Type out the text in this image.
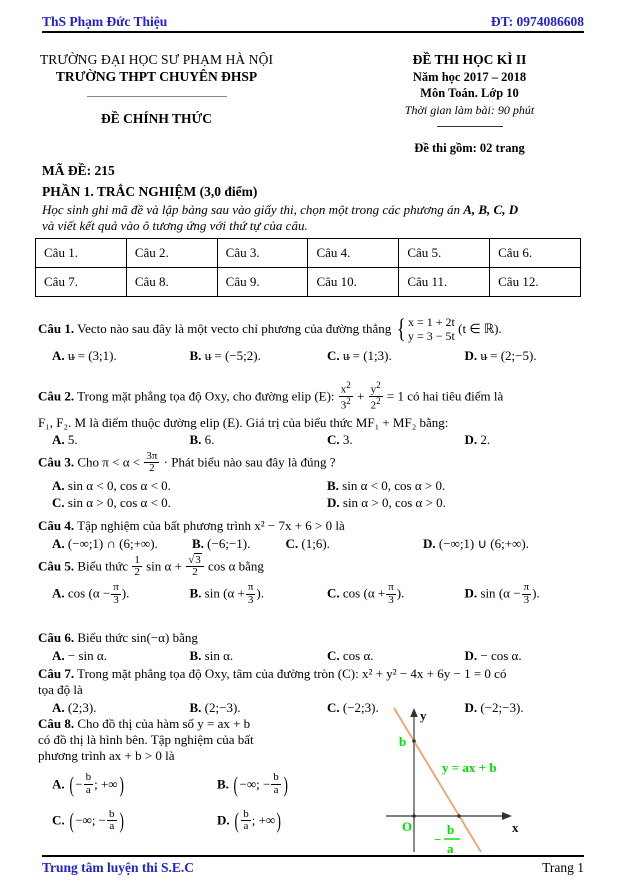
ThS Phạm Đức Thiệu	ĐT: 0974086608
TRƯỜNG ĐẠI HỌC SƯ PHẠM HÀ NỘI
TRƯỜNG THPT CHUYÊN ĐHSP
ĐỀ CHÍNH THỨC
ĐỀ THI HỌC KÌ II
Năm học 2017 – 2018
Môn Toán. Lớp 10
Thời gian làm bài: 90 phút
Đề thi gồm: 02 trang
MÃ ĐỀ: 215
PHẦN 1. TRẮC NGHIỆM (3,0 điểm)
Học sinh ghi mã đề và lập bảng sau vào giấy thi, chọn một trong các phương án A, B, C, D
và viết kết quả vào ô tương ứng với thứ tự của câu.
Câu 1.	Câu 2.	Câu 3.	Câu 4.	Câu 5.	Câu 6.
Câu 7.	Câu 8.	Câu 9.	Câu 10.	Câu 11.	Câu 12.
Câu 1. Vecto nào sau đây là một vecto chỉ phương của đường thẳng { x = 1 + 2t
y = 3 − 5t
(t ∈ ℝ).
A. u = (3;1).	B. u = (−5;2).	C. u = (1;3).	D. u = (2;−5).
Câu 2. Trong mặt phẳng tọa độ Oxy, cho đường elip (E): $\frac{x^2}{3^2} + \frac{y^2}{2^2} = 1$ có hai tiêu điểm là
F₁, F₂. M là điểm thuộc đường elip (E). Giá trị của biểu thức MF₁ + MF₂ bằng:
A. 5.	B. 6.	C. 3.	D. 2.
Câu 3. Cho $\pi < \alpha < \frac{3\pi}{2}$ · Phát biểu nào sau đây là đúng ?
A. sin α < 0, cos α < 0.	B. sin α < 0, cos α > 0.
C. sin α > 0, cos α < 0.	D. sin α > 0, cos α > 0.
Câu 4. Tập nghiệm của bất phương trình x² − 7x + 6 > 0 là
A. (−∞;1) ∩ (6;+∞).	B. (−6;−1).	C. (1;6).	D. (−∞;1) ∪ (6;+∞).
Câu 5. Biểu thức $\frac{1}{2}$ $\sin \alpha + \frac{√3}{2}$ cos α bằng
A. $\cos (\alpha - \frac{\pi}{3}$ ).	B. $\sin (\alpha + \frac{\pi}{3}$ ).	C. $\cos (\alpha + \frac{\pi}{3}$ ).	D. $\sin (\alpha - \frac{\pi}{3}$ ).
Câu 6. Biểu thức sin(−α) bằng
A. − sin α.	B. sin α.	C. cos α.	D. − cos α.
Câu 7. Trong mặt phẳng tọa độ Oxy, tâm của đường tròn (C): x² + y² − 4x + 6y − 1 = 0 có
tọa độ là
A. (2;3).	B. (2;−3).	C. (−2;3).	D. (−2;−3).
Câu 8. Cho đồ thị của hàm số y = ax + b
có đồ thị là hình bên. Tập nghiệm của bất
phương trình ax + b > 0 là
A. (− $\frac{b}{a}$ ; +∞)	B. (−∞; − $\frac{b}{a}$ )
C. (−∞; − $\frac{b}{a}$ )	D. ( $\frac{b}{a}$ ; +∞)
y
x
b
O
y = ax + b
−
b
a
Trung tâm luyện thi S.E.C	Trang 1
